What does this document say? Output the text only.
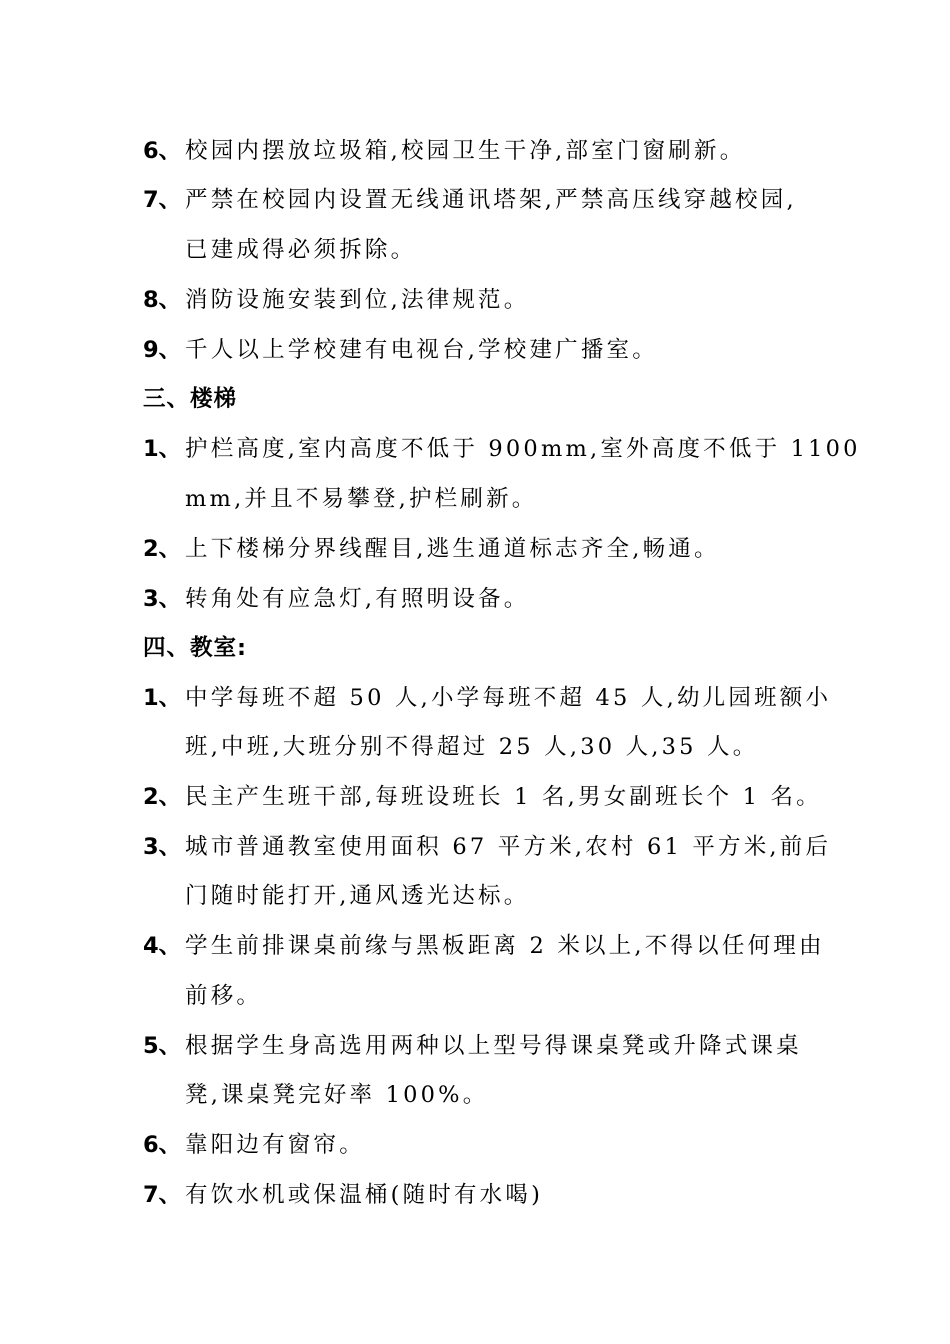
6、 校园内摆放垃圾箱,校园卫生干净,部室门窗刷新。
7、 严禁在校园内设置无线通讯塔架,严禁高压线穿越校园,
已建成得必须拆除。
8、 消防设施安装到位,法律规范。
9、 千人以上学校建有电视台,学校建广播室。
三、楼梯
1、 护栏高度,室内高度不低于 900mm,室外高度不低于 1100
mm,并且不易攀登,护栏刷新。
2、 上下楼梯分界线醒目,逃生通道标志齐全,畅通。
3、 转角处有应急灯,有照明设备。
四、教室:
1、 中学每班不超 50 人,小学每班不超 45 人,幼儿园班额小
班,中班,大班分别不得超过 25 人,30 人,35 人。
2、 民主产生班干部,每班设班长 1 名,男女副班长个 1 名。
3、 城市普通教室使用面积 67 平方米,农村 61 平方米,前后
门随时能打开,通风透光达标。
4、 学生前排课桌前缘与黑板距离 2 米以上,不得以任何理由
前移。
5、 根据学生身高选用两种以上型号得课桌凳或升降式课桌
凳,课桌凳完好率 100%。
6、 靠阳边有窗帘。
7、 有饮水机或保温桶(随时有水喝)
